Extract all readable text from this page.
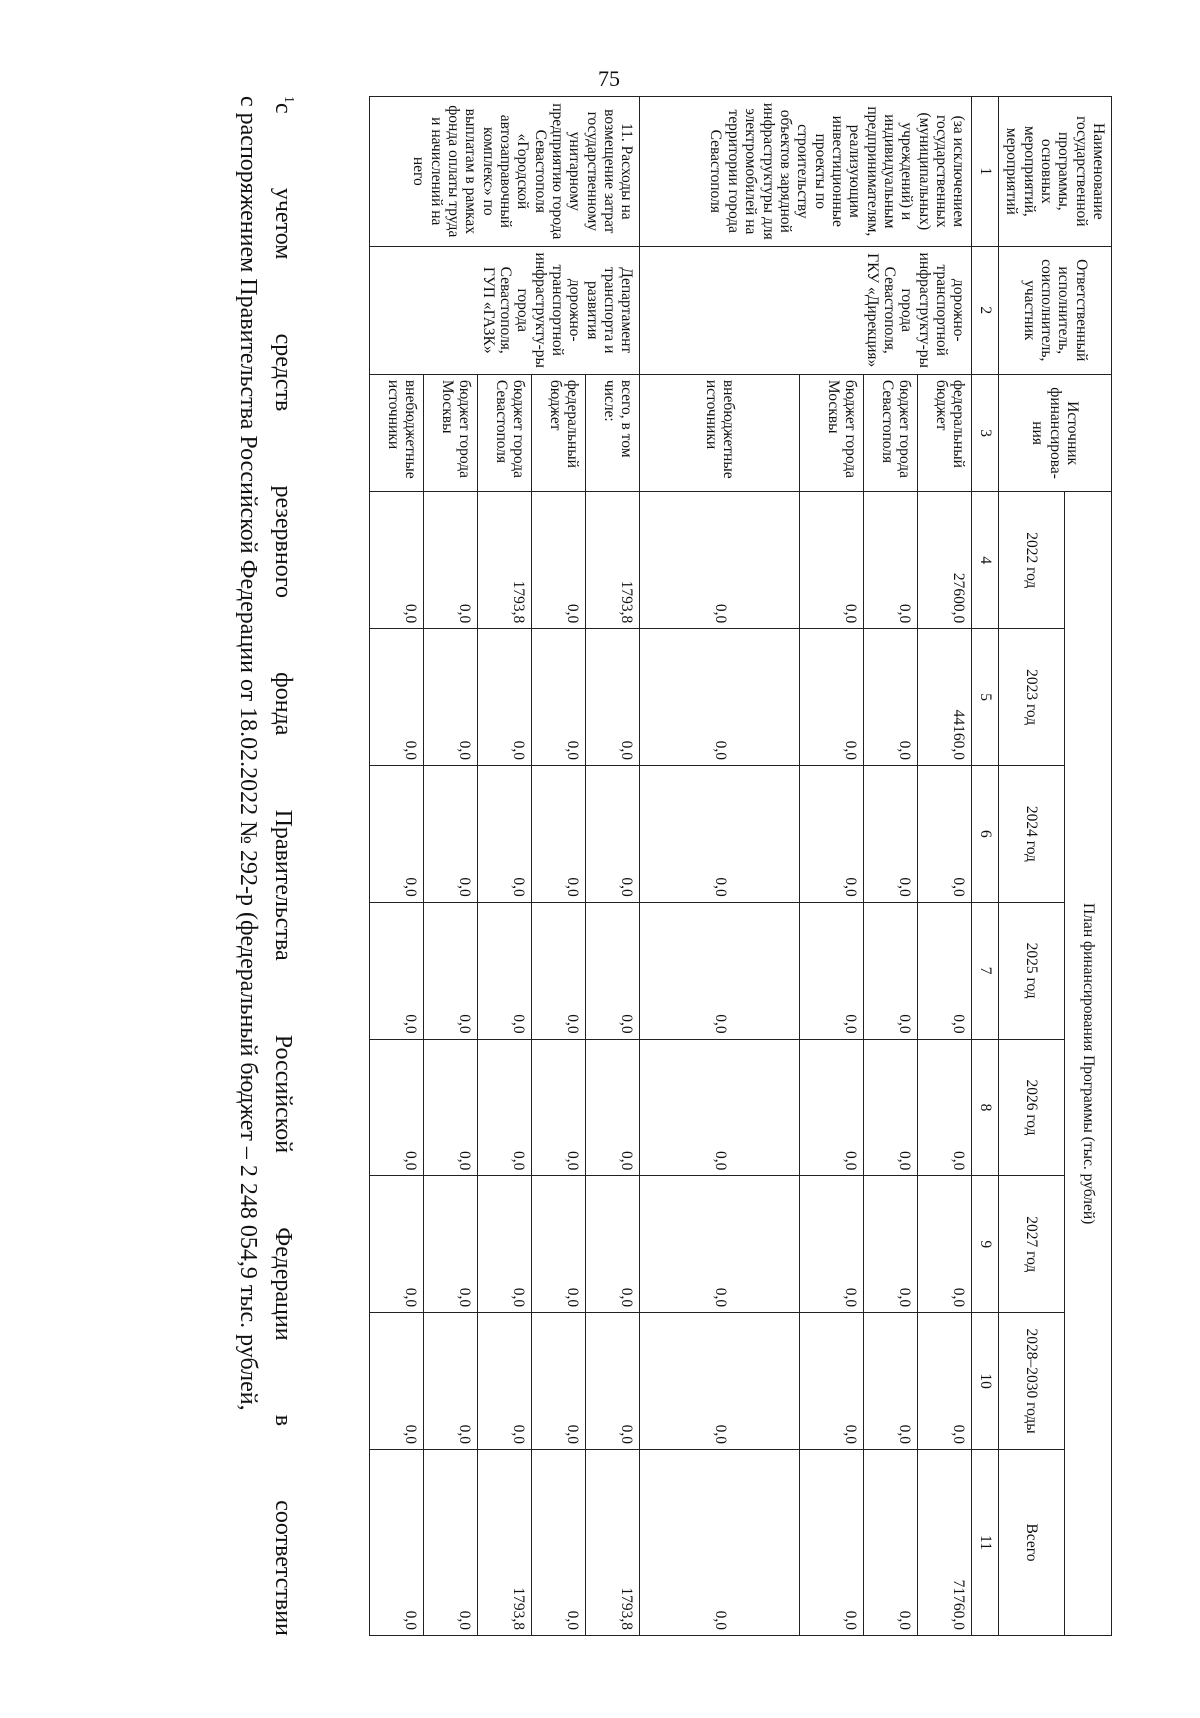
75
Наименование государственной программы, основных мероприятий, мероприятий	Ответственный исполнитель, соисполнитель, участник	Источник финансирова-ния	План финансирования Программы (тыс. рублей)							
			2022 год	2023 год	2024 год	2025 год	2026 год	2027 год	2028–2030 годы	Всего
1	2	3	4	5	6	7	8	9	10	11
(за исключением государственных (муниципальных) учреждений) и индивидуальным предпринимателям, реализующим инвестиционные проекты по строительству объектов зарядной инфраструктуры для электромобилей на территории города Севастополя	дорожно-транспортной инфраструкту-ры города Севастополя, ГКУ «Дирекция»	федеральный бюджет	27600,0	44160,0	0,0	0,0	0,0	0,0	0,0	71760,0
		бюджет города Севастополя	0,0	0,0	0,0	0,0	0,0	0,0	0,0	0,0
		бюджет города Москвы	0,0	0,0	0,0	0,0	0,0	0,0	0,0	0,0
		внебюджетные источники	0,0	0,0	0,0	0,0	0,0	0,0	0,0	0,0
11. Расходы на возмещение затрат государственному унитарному предприятию города Севастополя «Городской автозаправочный комплекс» по выплатам в рамках фонда оплаты труда и начислений на него	Департамент транспорта и развития дорожно-транспортной инфраструкту-ры города Севастополя, ГУП «ГАЗК»	всего, в том числе:	1793,8	0,0	0,0	0,0	0,0	0,0	0,0	1793,8
		федеральный бюджет	0,0	0,0	0,0	0,0	0,0	0,0	0,0	0,0
		бюджет города Севастополя	1793,8	0,0	0,0	0,0	0,0	0,0	0,0	1793,8
		бюджет города Москвы	0,0	0,0	0,0	0,0	0,0	0,0	0,0	0,0
		внебюджетные источники	0,0	0,0	0,0	0,0	0,0	0,0	0,0	0,0
$^1$с
учетом
средств
резервного
фонда
Правительства
Российской
Федерации
в
соответствии
с распоряжением Правительства Российской Федерации от 18.02.2022 № 292-р (федеральный бюджет – 2 248 054,9 тыс. рублей,
